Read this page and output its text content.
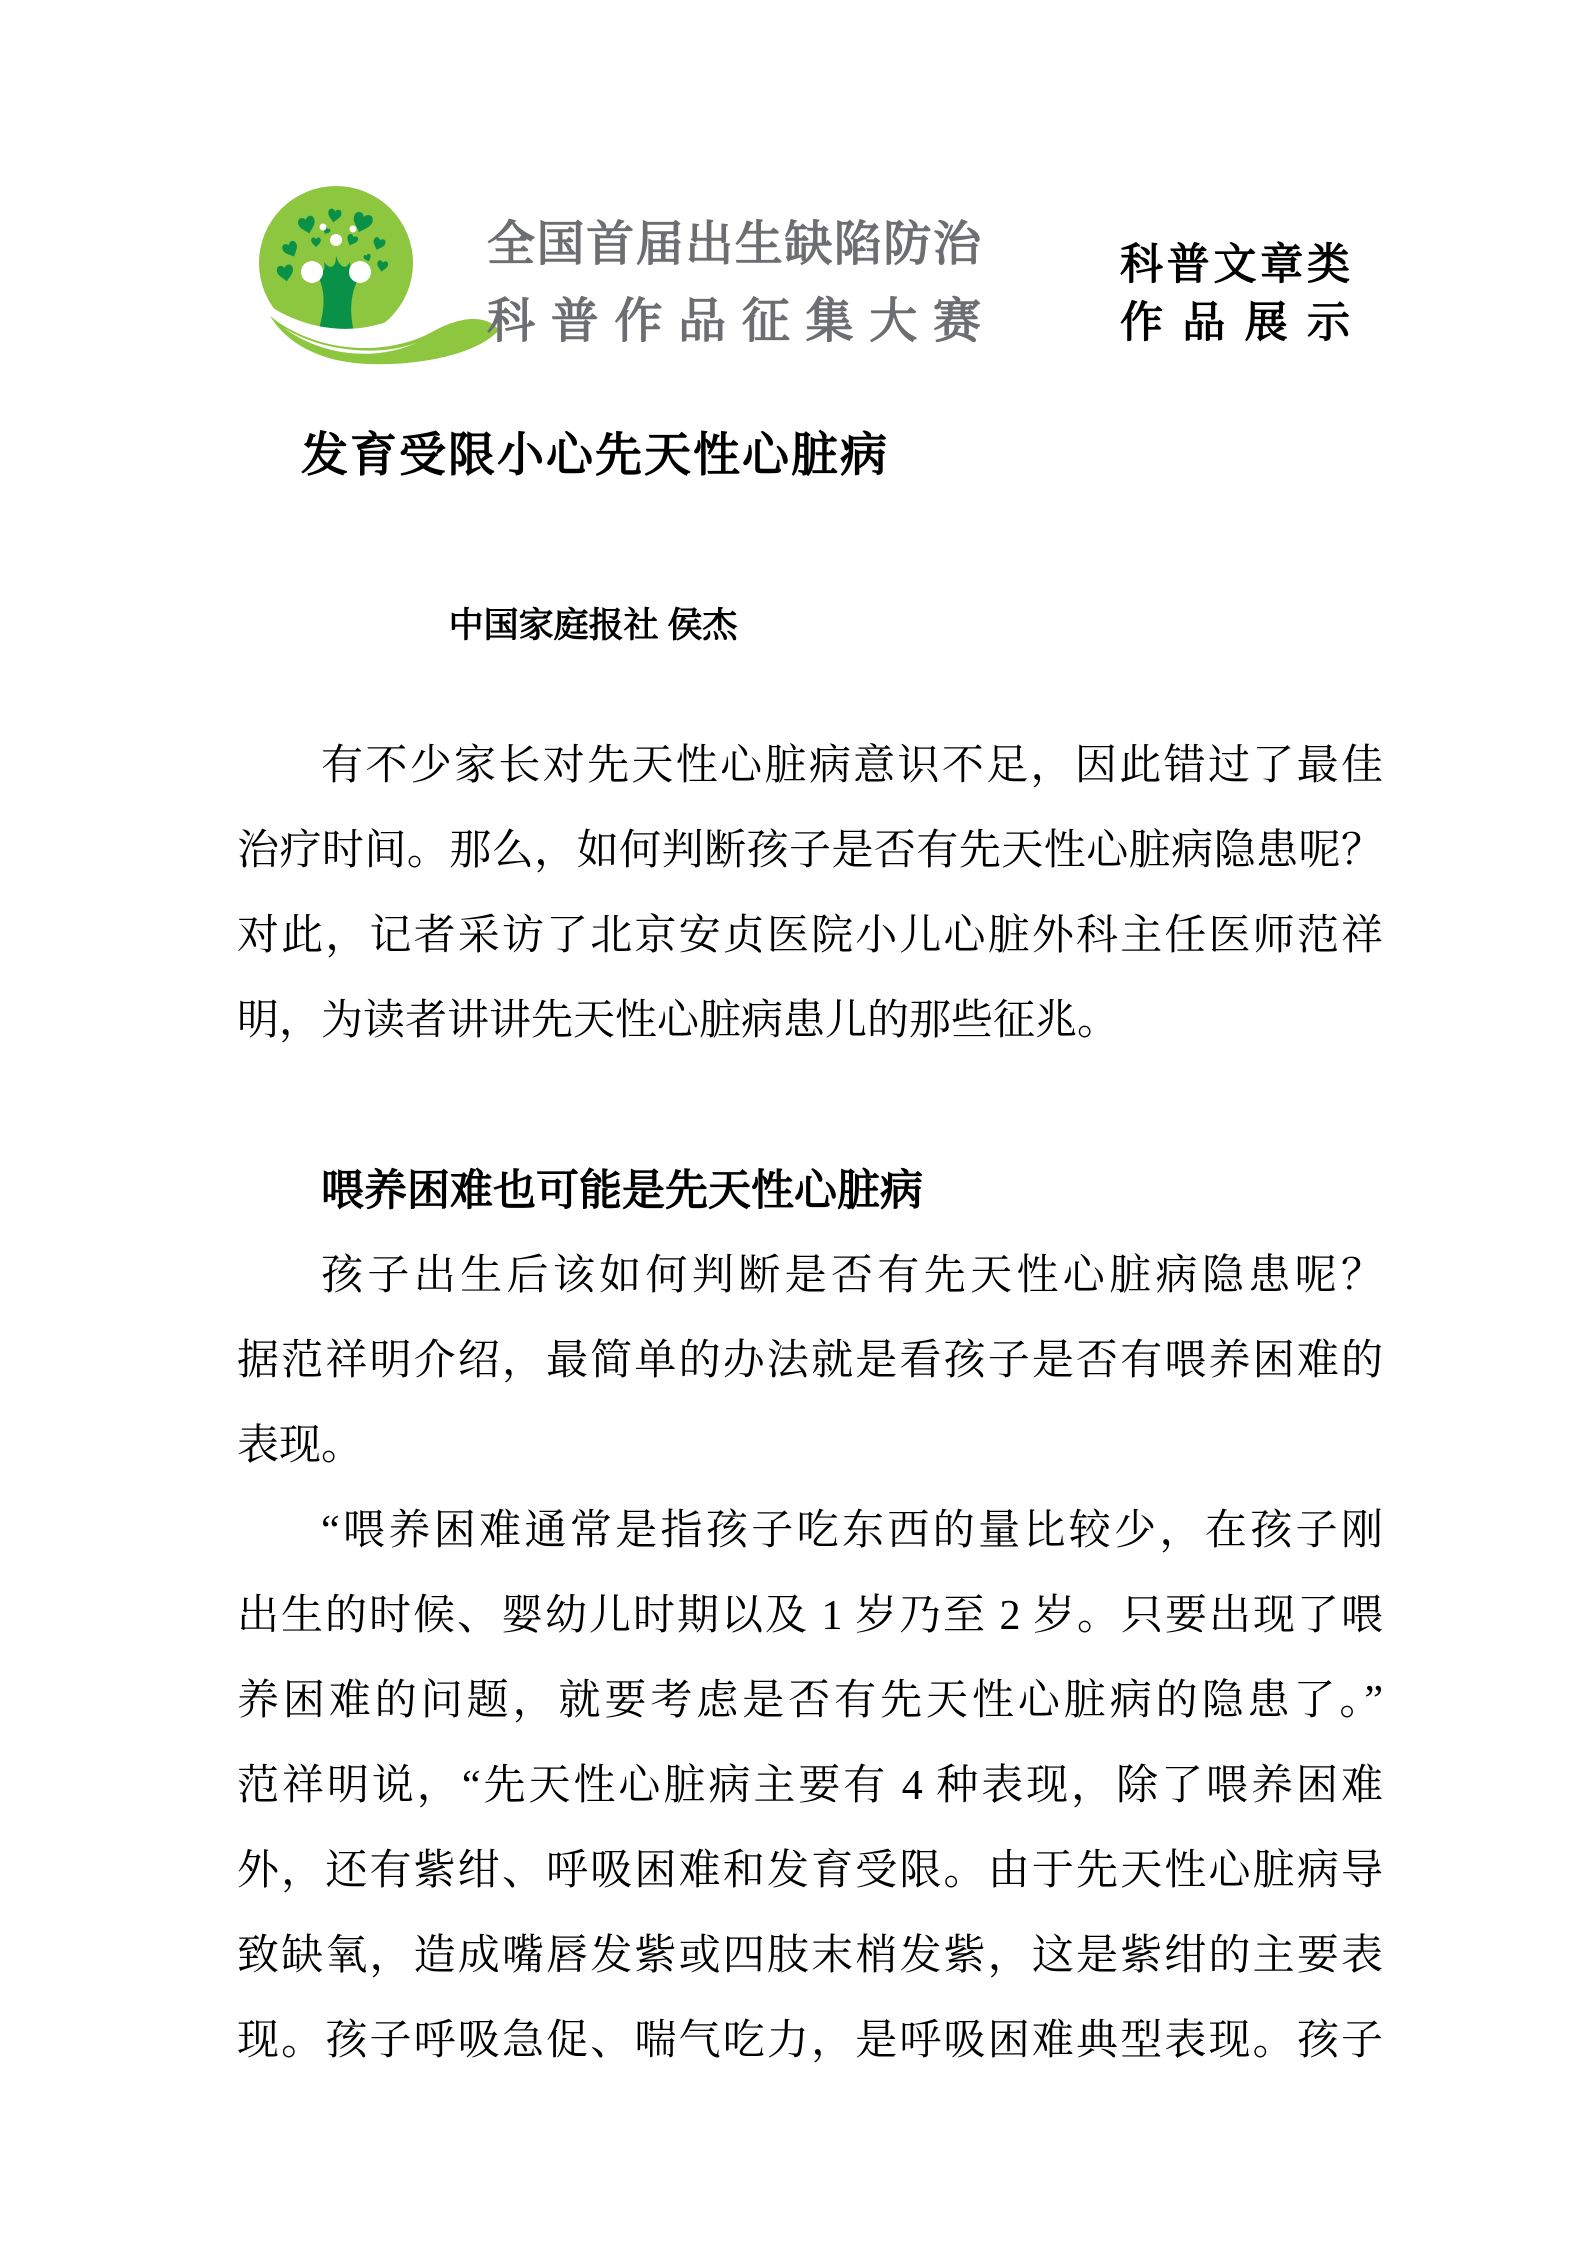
全国首届出生缺陷防治
科普作品征集大赛
科普文章类
作品展示
发育受限小心先天性心脏病
中国家庭报社 侯杰
有不少家长对先天性心脏病意识不足，因此错过了最佳
治疗时间。那么，如何判断孩子是否有先天性心脏病隐患呢？
对此，记者采访了北京安贞医院小儿心脏外科主任医师范祥
明，为读者讲讲先天性心脏病患儿的那些征兆。
喂养困难也可能是先天性心脏病
孩子出生后该如何判断是否有先天性心脏病隐患呢？
据范祥明介绍，最简单的办法就是看孩子是否有喂养困难的
表现。
“喂养困难通常是指孩子吃东西的量比较少，在孩子刚
出生的时候、婴幼儿时期以及 1 岁乃至 2 岁。只要出现了喂
养困难的问题，就要考虑是否有先天性心脏病的隐患了。”
范祥明说，“先天性心脏病主要有 4 种表现，除了喂养困难
外，还有紫绀、呼吸困难和发育受限。由于先天性心脏病导
致缺氧，造成嘴唇发紫或四肢末梢发紫，这是紫绀的主要表
现。孩子呼吸急促、喘气吃力，是呼吸困难典型表现。孩子
